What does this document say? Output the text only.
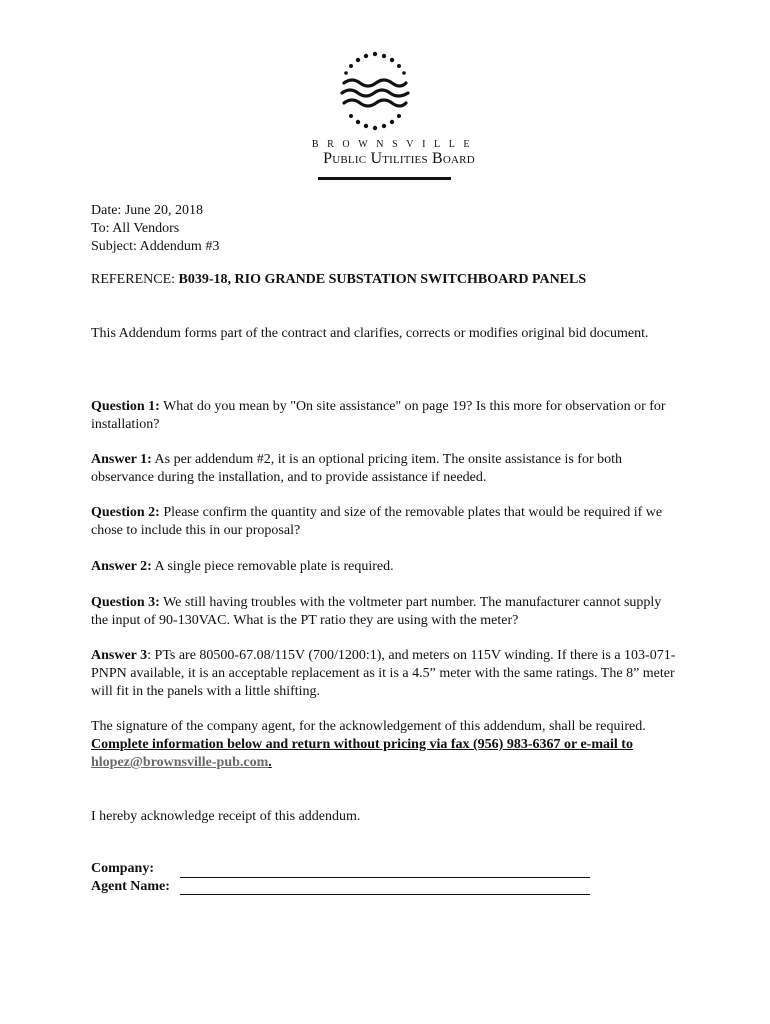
BROWNSVILLE
Public Utilities Board
Date: June 20, 2018
To: All Vendors
Subject: Addendum #3
REFERENCE: B039-18, RIO GRANDE SUBSTATION SWITCHBOARD PANELS
This Addendum forms part of the contract and clarifies, corrects or modifies original bid document.
Question 1: What do you mean by "On site assistance" on page 19? Is this more for observation or for installation?
Answer 1: As per addendum #2, it is an optional pricing item. The onsite assistance is for both observance during the installation, and to provide assistance if needed.
Question 2: Please confirm the quantity and size of the removable plates that would be required if we chose to include this in our proposal?
Answer 2: A single piece removable plate is required.
Question 3: We still having troubles with the voltmeter part number. The manufacturer cannot supply the input of 90-130VAC. What is the PT ratio they are using with the meter?
Answer 3: PTs are 80500-67.08/115V (700/1200:1), and meters on 115V winding. If there is a 103-071-PNPN available, it is an acceptable replacement as it is a 4.5” meter with the same ratings. The 8” meter will fit in the panels with a little shifting.
The signature of the company agent, for the acknowledgement of this addendum, shall be required. Complete information below and return without pricing via fax (956) 983-6367 or e-mail to hlopez@brownsville-pub.com.
I hereby acknowledge receipt of this addendum.
Company:
Agent Name:
